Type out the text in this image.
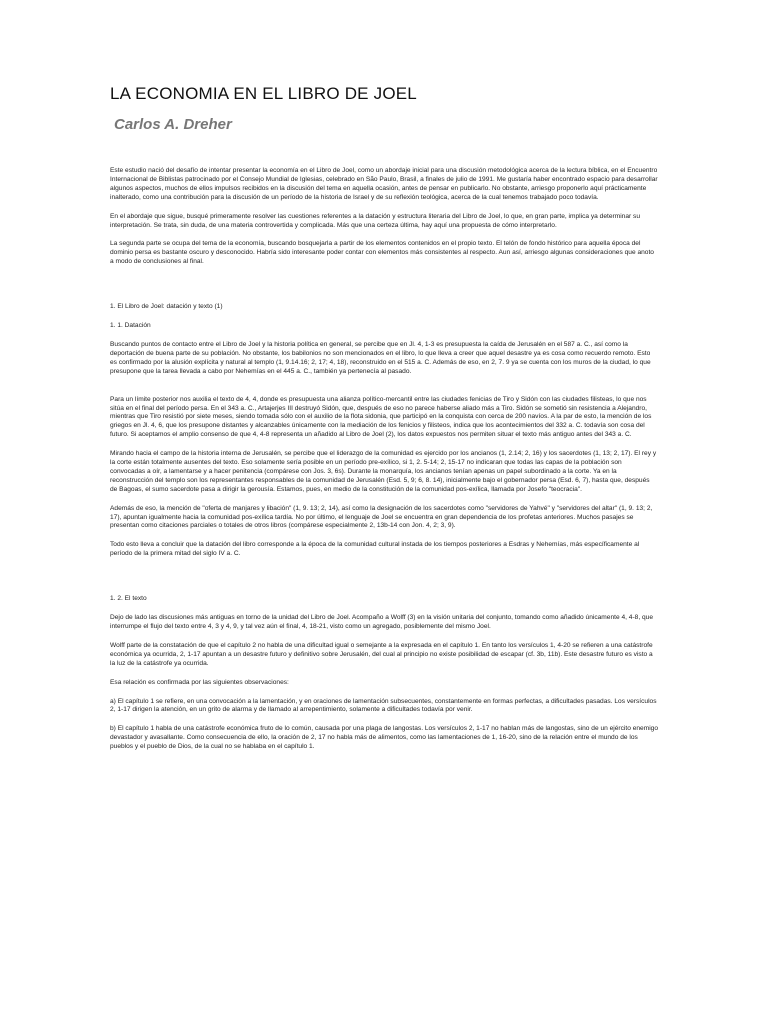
LA ECONOMIA EN EL LIBRO DE JOEL
Carlos A. Dreher

Este estudio nació del desafío de intentar presentar la economía en el Libro de Joel, como un abordaje inicial para una discusión metodológica acerca de la lectura bíblica, en el Encuentro Internacional de Biblistas patrocinado por el Consejo Mundial de Iglesias, celebrado en São Paulo, Brasil, a finales de julio de 1991. Me gustaría haber encontrado espacio para desarrollar algunos aspectos, muchos de ellos impulsos recibidos en la discusión del tema en aquella ocasión, antes de pensar en publicarlo. No obstante, arriesgo proponerlo aquí prácticamente inalterado, como una contribución para la discusión de un período de la historia de Israel y de su reflexión teológica, acerca de la cual tenemos trabajado poco todavía.

En el abordaje que sigue, busqué primeramente resolver las cuestiones referentes a la datación y estructura literaria del Libro de Joel, lo que, en gran parte, implica ya determinar su interpretación. Se trata, sin duda, de una materia controvertida y complicada. Más que una certeza última, hay aquí una propuesta de cómo interpretarlo.

La segunda parte se ocupa del tema de la economía, buscando bosquejarla a partir de los elementos contenidos en el propio texto. El telón de fondo histórico para aquella época del dominio persa es bastante oscuro y desconocido. Habría sido interesante poder contar con elementos más consistentes al respecto. Aun así, arriesgo algunas consideraciones que anoto a modo de conclusiones al final.

1. El Libro de Joel: datación y texto (1)

1. 1. Datación

Buscando puntos de contacto entre el Libro de Joel y la historia política en general, se percibe que en Jl. 4, 1-3 es presupuesta la caída de Jerusalén en el 587 a. C., así como la deportación de buena parte de su población. No obstante, los babilonios no son mencionados en el libro, lo que lleva a creer que aquel desastre ya es cosa como recuerdo remoto. Esto es confirmado por la alusión explícita y natural al templo (1, 9.14.16; 2, 17; 4, 18), reconstruido en el 515 a. C. Además de eso, en 2, 7. 9 ya se cuenta con los muros de la ciudad, lo que presupone que la tarea llevada a cabo por Nehemías en el 445 a. C., también ya pertenecía al pasado.

Para un límite posterior nos auxilia el texto de 4, 4, donde es presupuesta una alianza político-mercantil entre las ciudades fenicias de Tiro y Sidón con las ciudades filisteas, lo que nos sitúa en el final del período persa. En el 343 a. C., Artajerjes III destruyó Sidón, que, después de eso no parece haberse aliado más a Tiro. Sidón se sometió sin resistencia a Alejandro, mientras que Tiro resistió por siete meses, siendo tomada sólo con el auxilio de la flota sidonia, que participó en la conquista con cerca de 200 navíos. A la par de esto, la mención de los griegos en Jl. 4, 6, que los presupone distantes y alcanzables únicamente con la mediación de los fenicios y filisteos, indica que los acontecimientos del 332 a. C. todavía son cosa del futuro. Si aceptamos el amplio consenso de que 4, 4-8 representa un añadido al Libro de Joel (2), los datos expuestos nos permiten situar el texto más antiguo antes del 343 a. C.

Mirando hacia el campo de la historia interna de Jerusalén, se percibe que el liderazgo de la comunidad es ejercido por los ancianos (1, 2.14; 2, 16) y los sacerdotes (1, 13; 2, 17). El rey y la corte están totalmente ausentes del texto. Eso solamente sería posible en un período pre-exílico, si 1, 2. 5-14; 2, 15-17 no indicaran que todas las capas de la población son convocadas a oír, a lamentarse y a hacer penitencia (compárese con Jos. 3, 6s). Durante la monarquía, los ancianos tenían apenas un papel subordinado a la corte. Ya en la reconstrucción del templo son los representantes responsables de la comunidad de Jerusalén (Esd. 5, 9; 6, 8. 14), inicialmente bajo el gobernador persa (Esd. 6, 7), hasta que, después de Bagoas, el sumo sacerdote pasa a dirigir la gerousía. Estamos, pues, en medio de la constitución de la comunidad pos-exílica, llamada por Josefo "teocracia".

Además de eso, la mención de "oferta de manjares y libación" (1, 9. 13; 2, 14), así como la designación de los sacerdotes como "servidores de Yahvé" y "servidores del altar" (1, 9. 13; 2, 17), apuntan igualmente hacia la comunidad pos-exílica tardía. No por último, el lenguaje de Joel se encuentra en gran dependencia de los profetas anteriores. Muchos pasajes se presentan como citaciones parciales o totales de otros libros (compárese especialmente 2, 13b-14 con Jon. 4, 2; 3, 9).

Todo esto lleva a concluir que la datación del libro corresponde a la época de la comunidad cultural instada de los tiempos posteriores a Esdras y Nehemías, más específicamente al período de la primera mitad del siglo IV a. C.

1. 2. El texto

Dejo de lado las discusiones más antiguas en torno de la unidad del Libro de Joel. Acompaño a Wolff (3) en la visión unitaria del conjunto, tomando como añadido únicamente 4, 4-8, que interrumpe el flujo del texto entre 4, 3 y 4, 9, y tal vez aún el final, 4, 18-21, visto como un agregado, posiblemente del mismo Joel.

Wolff parte de la constatación de que el capítulo 2 no habla de una dificultad igual o semejante a la expresada en el capítulo 1. En tanto los versículos 1, 4-20 se refieren a una catástrofe económica ya ocurrida, 2, 1-17 apuntan a un desastre futuro y definitivo sobre Jerusalén, del cual al principio no existe posibilidad de escapar (cf. 3b, 11b). Este desastre futuro es visto a la luz de la catástrofe ya ocurrida.

Esa relación es confirmada por las siguientes observaciones:

a) El capítulo 1 se refiere, en una convocación a la lamentación, y en oraciones de lamentación subsecuentes, constantemente en formas perfectas, a dificultades pasadas. Los versículos 2, 1-17 dirigen la atención, en un grito de alarma y de llamado al arrepentimiento, solamente a dificultades todavía por venir.

b) El capítulo 1 habla de una catástrofe económica fruto de lo común, causada por una plaga de langostas. Los versículos 2, 1-17 no hablan más de langostas, sino de un ejército enemigo devastador y avasallante. Como consecuencia de ello, la oración de 2, 17 no habla más de alimentos, como las lamentaciones de 1, 16-20, sino de la relación entre el mundo de los pueblos y el pueblo de Dios, de la cual no se hablaba en el capítulo 1.
